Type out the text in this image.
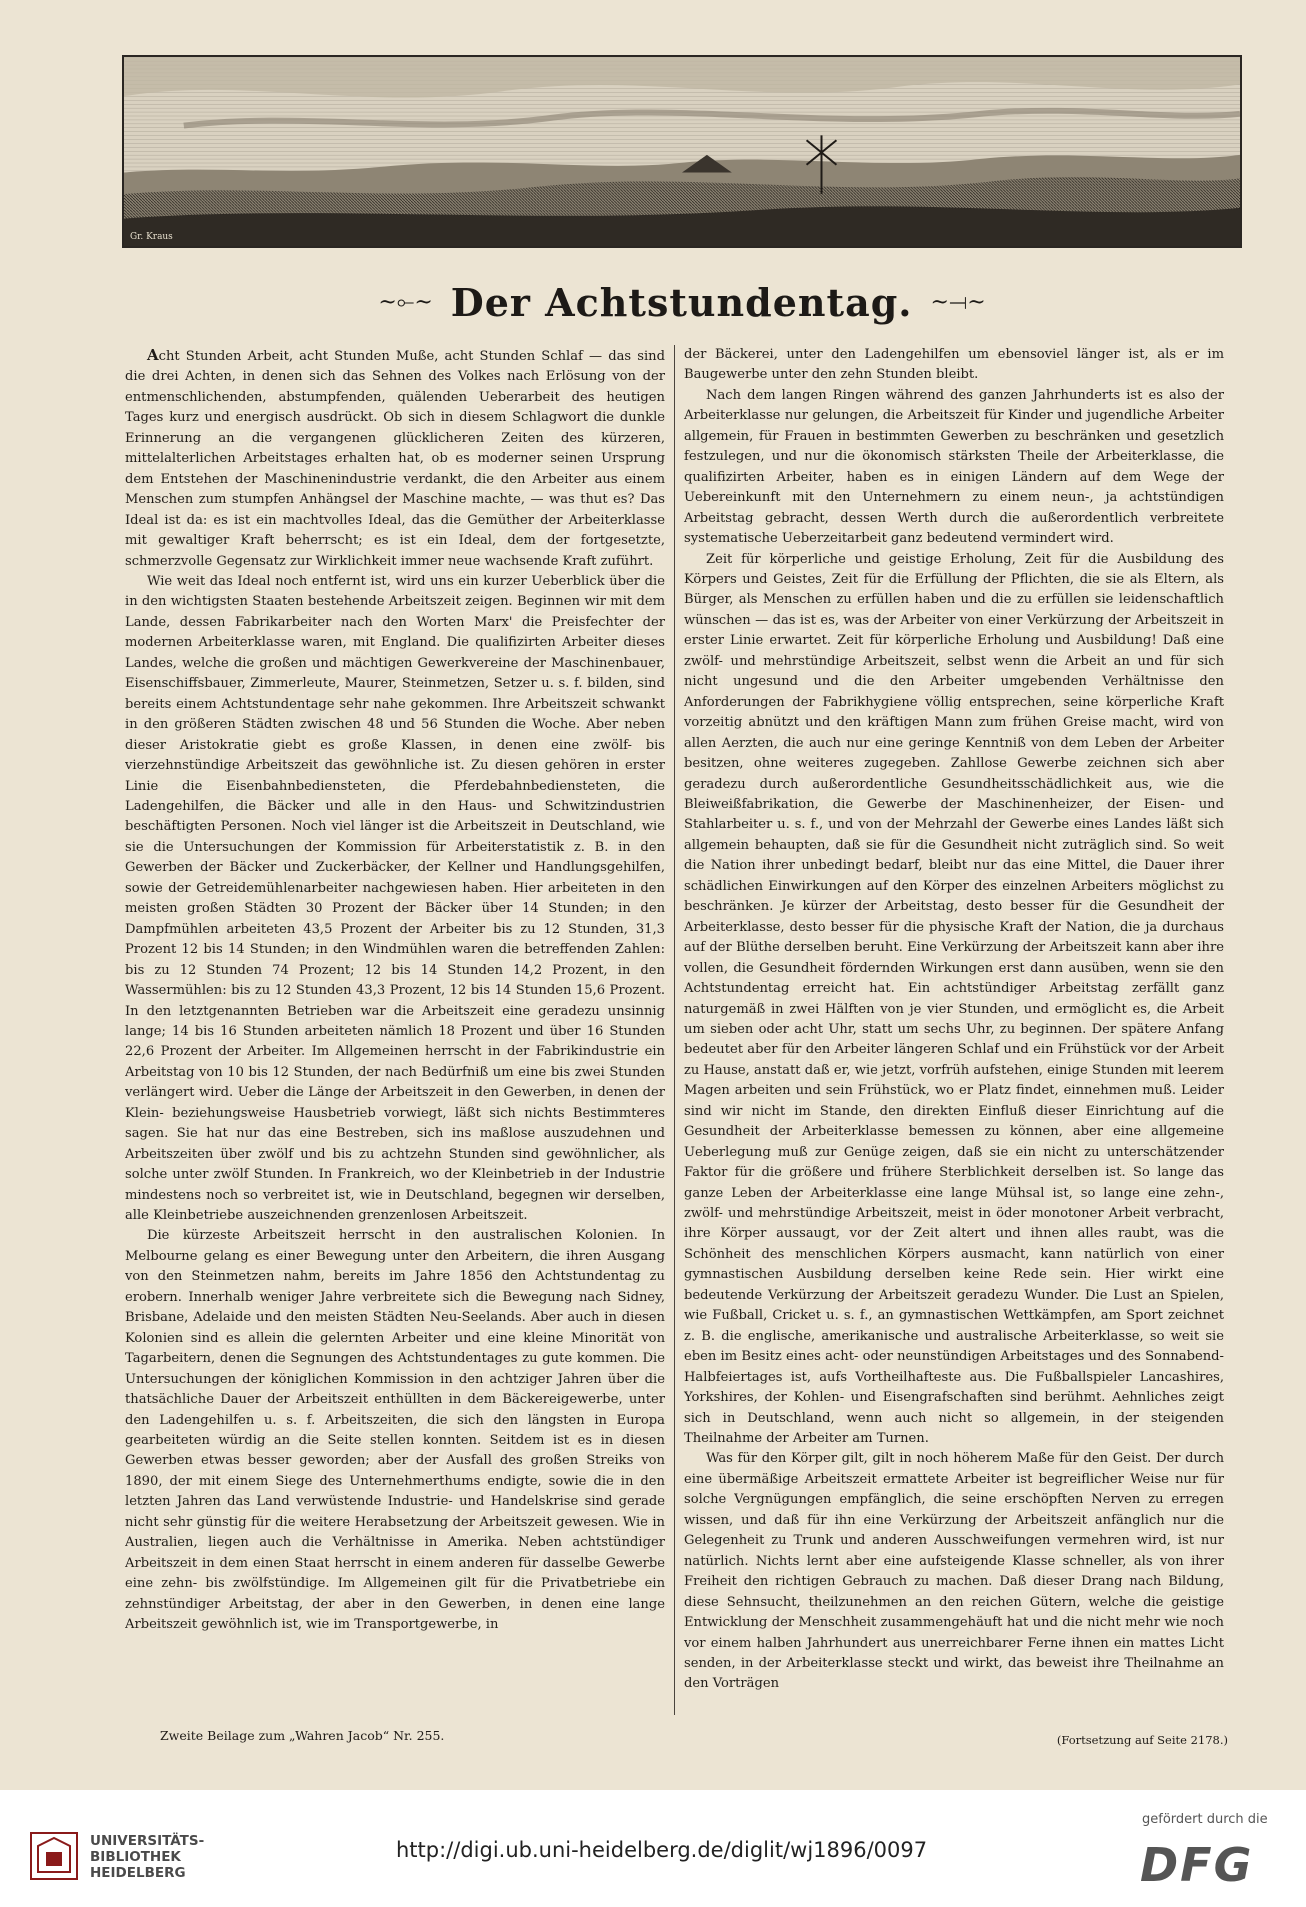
Gr. Kraus
~⟜~ Der Achtstundentag. ~⟞~

Acht Stunden Arbeit, acht Stunden Muße, acht Stunden Schlaf — das sind die drei Achten, in denen sich das Sehnen des Volkes nach Erlösung von der entmenschlichenden, abstumpfenden, quälenden Ueberarbeit des heutigen Tages kurz und energisch ausdrückt. Ob sich in diesem Schlagwort die dunkle Erinnerung an die vergangenen glücklicheren Zeiten des kürzeren, mittelalterlichen Arbeitstages erhalten hat, ob es moderner seinen Ursprung dem Entstehen der Maschinenindustrie verdankt, die den Arbeiter aus einem Menschen zum stumpfen Anhängsel der Maschine machte, — was thut es? Das Ideal ist da: es ist ein machtvolles Ideal, das die Gemüther der Arbeiterklasse mit gewaltiger Kraft beherrscht; es ist ein Ideal, dem der fortgesetzte, schmerzvolle Gegensatz zur Wirklichkeit immer neue wachsende Kraft zuführt.

Wie weit das Ideal noch entfernt ist, wird uns ein kurzer Ueberblick über die in den wichtigsten Staaten bestehende Arbeitszeit zeigen. Beginnen wir mit dem Lande, dessen Fabrikarbeiter nach den Worten Marx' die Preisfechter der modernen Arbeiterklasse waren, mit England. Die qualifizirten Arbeiter dieses Landes, welche die großen und mächtigen Gewerkvereine der Maschinenbauer, Eisenschiffsbauer, Zimmerleute, Maurer, Steinmetzen, Setzer u. s. f. bilden, sind bereits einem Achtstundentage sehr nahe gekommen. Ihre Arbeitszeit schwankt in den größeren Städten zwischen 48 und 56 Stunden die Woche. Aber neben dieser Aristokratie giebt es große Klassen, in denen eine zwölf- bis vierzehnstündige Arbeitszeit das gewöhnliche ist. Zu diesen gehören in erster Linie die Eisenbahnbediensteten, die Pferdebahnbediensteten, die Ladengehilfen, die Bäcker und alle in den Haus- und Schwitzindustrien beschäftigten Personen. Noch viel länger ist die Arbeitszeit in Deutschland, wie sie die Untersuchungen der Kommission für Arbeiterstatistik z. B. in den Gewerben der Bäcker und Zuckerbäcker, der Kellner und Handlungsgehilfen, sowie der Getreidemühlenarbeiter nachgewiesen haben. Hier arbeiteten in den meisten großen Städten 30 Prozent der Bäcker über 14 Stunden; in den Dampfmühlen arbeiteten 43,5 Prozent der Arbeiter bis zu 12 Stunden, 31,3 Prozent 12 bis 14 Stunden; in den Windmühlen waren die betreffenden Zahlen: bis zu 12 Stunden 74 Prozent; 12 bis 14 Stunden 14,2 Prozent, in den Wassermühlen: bis zu 12 Stunden 43,3 Prozent, 12 bis 14 Stunden 15,6 Prozent. In den letztgenannten Betrieben war die Arbeitszeit eine geradezu unsinnig lange; 14 bis 16 Stunden arbeiteten nämlich 18 Prozent und über 16 Stunden 22,6 Prozent der Arbeiter. Im Allgemeinen herrscht in der Fabrikindustrie ein Arbeitstag von 10 bis 12 Stunden, der nach Bedürfniß um eine bis zwei Stunden verlängert wird. Ueber die Länge der Arbeitszeit in den Gewerben, in denen der Klein- beziehungsweise Hausbetrieb vorwiegt, läßt sich nichts Bestimmteres sagen. Sie hat nur das eine Bestreben, sich ins maßlose auszudehnen und Arbeitszeiten über zwölf und bis zu achtzehn Stunden sind gewöhnlicher, als solche unter zwölf Stunden. In Frankreich, wo der Kleinbetrieb in der Industrie mindestens noch so verbreitet ist, wie in Deutschland, begegnen wir derselben, alle Kleinbetriebe auszeichnenden grenzenlosen Arbeitszeit.

Die kürzeste Arbeitszeit herrscht in den australischen Kolonien. In Melbourne gelang es einer Bewegung unter den Arbeitern, die ihren Ausgang von den Steinmetzen nahm, bereits im Jahre 1856 den Achtstundentag zu erobern. Innerhalb weniger Jahre verbreitete sich die Bewegung nach Sidney, Brisbane, Adelaide und den meisten Städten Neu-Seelands. Aber auch in diesen Kolonien sind es allein die gelernten Arbeiter und eine kleine Minorität von Tagarbeitern, denen die Segnungen des Achtstundentages zu gute kommen. Die Untersuchungen der königlichen Kommission in den achtziger Jahren über die thatsächliche Dauer der Arbeitszeit enthüllten in dem Bäckereigewerbe, unter den Ladengehilfen u. s. f. Arbeitszeiten, die sich den längsten in Europa gearbeiteten würdig an die Seite stellen konnten. Seitdem ist es in diesen Gewerben etwas besser geworden; aber der Ausfall des großen Streiks von 1890, der mit einem Siege des Unternehmerthums endigte, sowie die in den letzten Jahren das Land verwüstende Industrie- und Handelskrise sind gerade nicht sehr günstig für die weitere Herabsetzung der Arbeitszeit gewesen. Wie in Australien, liegen auch die Verhältnisse in Amerika. Neben achtstündiger Arbeitszeit in dem einen Staat herrscht in einem anderen für dasselbe Gewerbe eine zehn- bis zwölfstündige. Im Allgemeinen gilt für die Privatbetriebe ein zehnstündiger Arbeitstag, der aber in den Gewerben, in denen eine lange Arbeitszeit gewöhnlich ist, wie im Transportgewerbe, in

der Bäckerei, unter den Ladengehilfen um ebensoviel länger ist, als er im Baugewerbe unter den zehn Stunden bleibt.

Nach dem langen Ringen während des ganzen Jahrhunderts ist es also der Arbeiterklasse nur gelungen, die Arbeitszeit für Kinder und jugendliche Arbeiter allgemein, für Frauen in bestimmten Gewerben zu beschränken und gesetzlich festzulegen, und nur die ökonomisch stärksten Theile der Arbeiterklasse, die qualifizirten Arbeiter, haben es in einigen Ländern auf dem Wege der Uebereinkunft mit den Unternehmern zu einem neun-, ja achtstündigen Arbeitstag gebracht, dessen Werth durch die außerordentlich verbreitete systematische Ueberzeitarbeit ganz bedeutend vermindert wird.

Zeit für körperliche und geistige Erholung, Zeit für die Ausbildung des Körpers und Geistes, Zeit für die Erfüllung der Pflichten, die sie als Eltern, als Bürger, als Menschen zu erfüllen haben und die zu erfüllen sie leidenschaftlich wünschen — das ist es, was der Arbeiter von einer Verkürzung der Arbeitszeit in erster Linie erwartet. Zeit für körperliche Erholung und Ausbildung! Daß eine zwölf- und mehrstündige Arbeitszeit, selbst wenn die Arbeit an und für sich nicht ungesund und die den Arbeiter umgebenden Verhältnisse den Anforderungen der Fabrikhygiene völlig entsprechen, seine körperliche Kraft vorzeitig abnützt und den kräftigen Mann zum frühen Greise macht, wird von allen Aerzten, die auch nur eine geringe Kenntniß von dem Leben der Arbeiter besitzen, ohne weiteres zugegeben. Zahllose Gewerbe zeichnen sich aber geradezu durch außerordentliche Gesundheitsschädlichkeit aus, wie die Bleiweißfabrikation, die Gewerbe der Maschinenheizer, der Eisen- und Stahlarbeiter u. s. f., und von der Mehrzahl der Gewerbe eines Landes läßt sich allgemein behaupten, daß sie für die Gesundheit nicht zuträglich sind. So weit die Nation ihrer unbedingt bedarf, bleibt nur das eine Mittel, die Dauer ihrer schädlichen Einwirkungen auf den Körper des einzelnen Arbeiters möglichst zu beschränken. Je kürzer der Arbeitstag, desto besser für die Gesundheit der Arbeiterklasse, desto besser für die physische Kraft der Nation, die ja durchaus auf der Blüthe derselben beruht. Eine Verkürzung der Arbeitszeit kann aber ihre vollen, die Gesundheit fördernden Wirkungen erst dann ausüben, wenn sie den Achtstundentag erreicht hat. Ein achtstündiger Arbeitstag zerfällt ganz naturgemäß in zwei Hälften von je vier Stunden, und ermöglicht es, die Arbeit um sieben oder acht Uhr, statt um sechs Uhr, zu beginnen. Der spätere Anfang bedeutet aber für den Arbeiter längeren Schlaf und ein Frühstück vor der Arbeit zu Hause, anstatt daß er, wie jetzt, vorfrüh aufstehen, einige Stunden mit leerem Magen arbeiten und sein Frühstück, wo er Platz findet, einnehmen muß. Leider sind wir nicht im Stande, den direkten Einfluß dieser Einrichtung auf die Gesundheit der Arbeiterklasse bemessen zu können, aber eine allgemeine Ueberlegung muß zur Genüge zeigen, daß sie ein nicht zu unterschätzender Faktor für die größere und frühere Sterblichkeit derselben ist. So lange das ganze Leben der Arbeiterklasse eine lange Mühsal ist, so lange eine zehn-, zwölf- und mehrstündige Arbeitszeit, meist in öder monotoner Arbeit verbracht, ihre Körper aussaugt, vor der Zeit altert und ihnen alles raubt, was die Schönheit des menschlichen Körpers ausmacht, kann natürlich von einer gymnastischen Ausbildung derselben keine Rede sein. Hier wirkt eine bedeutende Verkürzung der Arbeitszeit geradezu Wunder. Die Lust an Spielen, wie Fußball, Cricket u. s. f., an gymnastischen Wettkämpfen, am Sport zeichnet z. B. die englische, amerikanische und australische Arbeiterklasse, so weit sie eben im Besitz eines acht- oder neunstündigen Arbeitstages und des Sonnabend-Halbfeiertages ist, aufs Vortheilhafteste aus. Die Fußballspieler Lancashires, Yorkshires, der Kohlen- und Eisengrafschaften sind berühmt. Aehnliches zeigt sich in Deutschland, wenn auch nicht so allgemein, in der steigenden Theilnahme der Arbeiter am Turnen.

Was für den Körper gilt, gilt in noch höherem Maße für den Geist. Der durch eine übermäßige Arbeitszeit ermattete Arbeiter ist begreiflicher Weise nur für solche Vergnügungen empfänglich, die seine erschöpften Nerven zu erregen wissen, und daß für ihn eine Verkürzung der Arbeitszeit anfänglich nur die Gelegenheit zu Trunk und anderen Ausschweifungen vermehren wird, ist nur natürlich. Nichts lernt aber eine aufsteigende Klasse schneller, als von ihrer Freiheit den richtigen Gebrauch zu machen. Daß dieser Drang nach Bildung, diese Sehnsucht, theilzunehmen an den reichen Gütern, welche die geistige Entwicklung der Menschheit zusammengehäuft hat und die nicht mehr wie noch vor einem halben Jahrhundert aus unerreichbarer Ferne ihnen ein mattes Licht senden, in der Arbeiterklasse steckt und wirkt, das beweist ihre Theilnahme an den Vorträgen

Zweite Beilage zum „Wahren Jacob“ Nr. 255.	(Fortsetzung auf Seite 2178.)
UNIVERSITÄTS-
BIBLIOTHEK
HEIDELBERG
http://digi.ub.uni-heidelberg.de/diglit/wj1896/0097
gefördert durch die
DFG
